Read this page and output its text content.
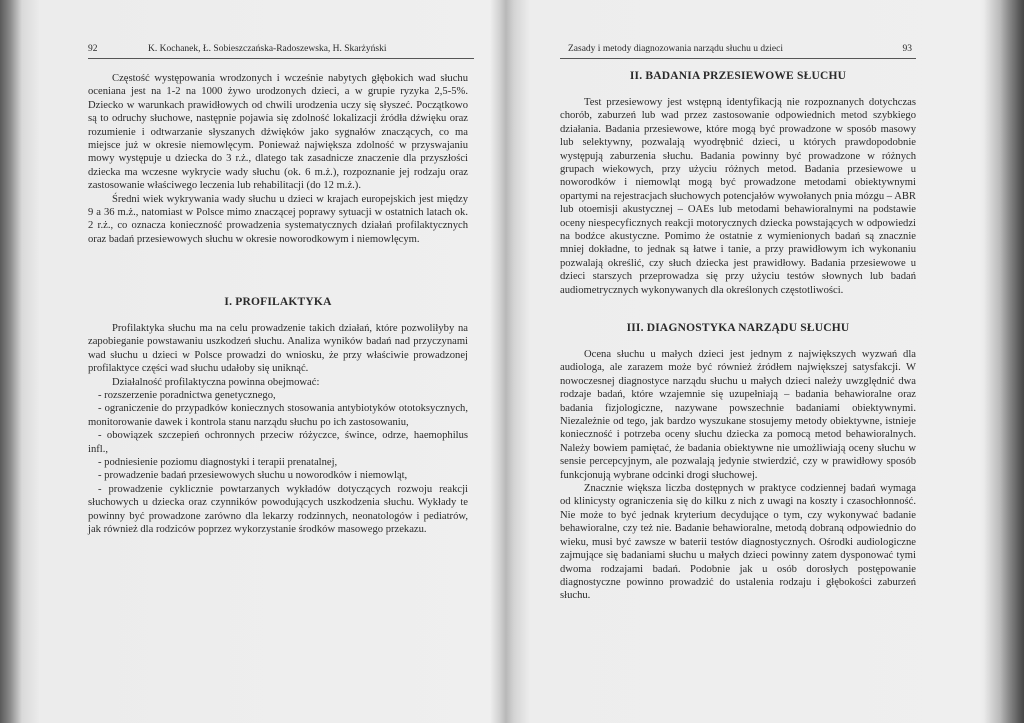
92	K. Kochanek, Ł. Sobieszczańska-Radoszewska, H. Skarżyński

Częstość występowania wrodzonych i wcześnie nabytych głębokich wad słuchu oceniana jest na 1-2 na 1000 żywo urodzonych dzieci, a w grupie ryzyka 2,5-5%. Dziecko w warunkach prawidłowych od chwili urodzenia uczy się słyszeć. Początkowo są to odruchy słuchowe, następnie pojawia się zdolność lokalizacji źródła dźwięku oraz rozumienie i odtwarzanie słyszanych dźwięków jako sygnałów znaczących, co ma miejsce już w okresie niemowlęcym. Ponieważ największa zdolność w przyswajaniu mowy występuje u dziecka do 3 r.ż., dlatego tak zasadnicze znaczenie dla przyszłości dziecka ma wczesne wykrycie wady słuchu (ok. 6 m.ż.), rozpoznanie jej rodzaju oraz zastosowanie właściwego leczenia lub rehabilitacji (do 12 m.ż.).

Średni wiek wykrywania wady słuchu u dzieci w krajach europejskich jest między 9 a 36 m.ż., natomiast w Polsce mimo znaczącej poprawy sytuacji w ostatnich latach ok. 2 r.ż., co oznacza konieczność prowadzenia systematycznych działań profilaktycznych oraz badań przesiewowych słuchu w okresie noworodkowym i niemowlęcym.

I. PROFILAKTYKA

Profilaktyka słuchu ma na celu prowadzenie takich działań, które pozwoliłyby na zapobieganie powstawaniu uszkodzeń słuchu. Analiza wyników badań nad przyczynami wad słuchu u dzieci w Polsce prowadzi do wniosku, że przy właściwie prowadzonej profilaktyce części wad słuchu udałoby się uniknąć.

Działalność profilaktyczna powinna obejmować:

- rozszerzenie poradnictwa genetycznego,

- ograniczenie do przypadków koniecznych stosowania antybiotyków ototoksycznych, monitorowanie dawek i kontrola stanu narządu słuchu po ich zastosowaniu,

- obowiązek szczepień ochronnych przeciw różyczce, śwince, odrze, haemophilus infl.,

- podniesienie poziomu diagnostyki i terapii prenatalnej,

- prowadzenie badań przesiewowych słuchu u noworodków i niemowląt,

- prowadzenie cyklicznie powtarzanych wykładów dotyczących rozwoju reakcji słuchowych u dziecka oraz czynników powodujących uszkodzenia słuchu. Wykłady te powinny być prowadzone zarówno dla lekarzy rodzinnych, neonatologów i pediatrów, jak również dla rodziców poprzez wykorzystanie środków masowego przekazu.

Zasady i metody diagnozowania narządu słuchu u dzieci	93
II. BADANIA PRZESIEWOWE SŁUCHU

Test przesiewowy jest wstępną identyfikacją nie rozpoznanych dotychczas chorób, zaburzeń lub wad przez zastosowanie odpowiednich metod szybkiego działania. Badania przesiewowe, które mogą być prowadzone w sposób masowy lub selektywny, pozwalają wyodrębnić dzieci, u których prawdopodobnie występują zaburzenia słuchu. Badania powinny być prowadzone w różnych grupach wiekowych, przy użyciu różnych metod. Badania przesiewowe u noworodków i niemowląt mogą być prowadzone metodami obiektywnymi opartymi na rejestracjach słuchowych potencjałów wywołanych pnia mózgu – ABR lub otoemisji akustycznej – OAEs lub metodami behawioralnymi na podstawie oceny niespecyficznych reakcji motorycznych dziecka powstających w odpowiedzi na bodźce akustyczne. Pomimo że ostatnie z wymienionych badań są znacznie mniej dokładne, to jednak są łatwe i tanie, a przy prawidłowym ich wykonaniu pozwalają określić, czy słuch dziecka jest prawidłowy. Badania przesiewowe u dzieci starszych przeprowadza się przy użyciu testów słownych lub badań audiometrycznych wykonywanych dla określonych częstotliwości.

III. DIAGNOSTYKA NARZĄDU SŁUCHU

Ocena słuchu u małych dzieci jest jednym z największych wyzwań dla audiologa, ale zarazem może być również źródłem największej satysfakcji. W nowoczesnej diagnostyce narządu słuchu u małych dzieci należy uwzględnić dwa rodzaje badań, które wzajemnie się uzupełniają – badania behawioralne oraz badania fizjologiczne, nazywane powszechnie badaniami obiektywnymi. Niezależnie od tego, jak bardzo wyszukane stosujemy metody obiektywne, istnieje konieczność i potrzeba oceny słuchu dziecka za pomocą metod behawioralnych. Należy bowiem pamiętać, że badania obiektywne nie umożliwiają oceny słuchu w sensie percepcyjnym, ale pozwalają jedynie stwierdzić, czy w prawidłowy sposób funkcjonują wybrane odcinki drogi słuchowej.

Znacznie większa liczba dostępnych w praktyce codziennej badań wymaga od klinicysty ograniczenia się do kilku z nich z uwagi na koszty i czasochłonność. Nie może to być jednak kryterium decydujące o tym, czy wykonywać badanie behawioralne, czy też nie. Badanie behawioralne, metodą dobraną odpowiednio do wieku, musi być zawsze w baterii testów diagnostycznych. Ośrodki audiologiczne zajmujące się badaniami słuchu u małych dzieci powinny zatem dysponować tymi dwoma rodzajami badań. Podobnie jak u osób dorosłych postępowanie diagnostyczne powinno prowadzić do ustalenia rodzaju i głębokości zaburzeń słuchu.
